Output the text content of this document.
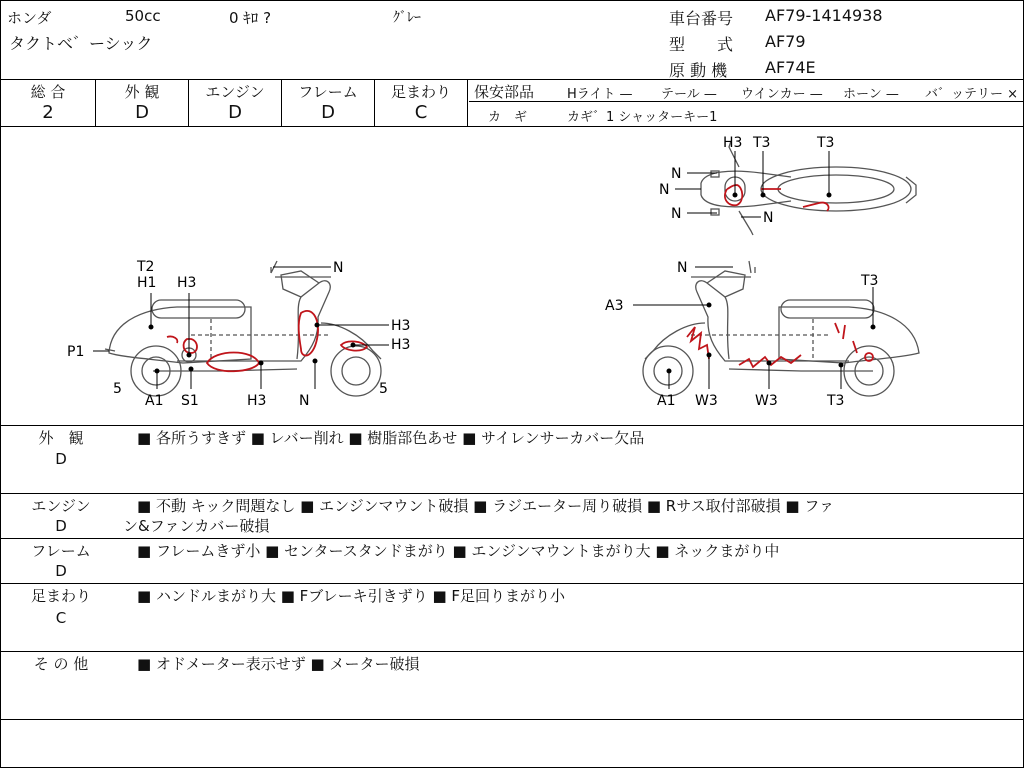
ホンダ	50cc	0 ｷﾛ ?	ｸﾞﾚｰ
タクトベ゛ーシック
車台番号 AF79-1414938
型　　式 AF79
原 動 機 AF74E
総 合
2
外 観
D
エンジン
D
フレーム
D
足まわり
C
保安部品	Hライト — テール — ウインカー — ホーン — バ゛ッテリー ×
カ　ギ	カギ゛1 シャッターキー1
T2
H1 H3
N
H3
H3
P1
5
A1 S1	H3 N
5
H3 T3	T3
N
N
N	N
N
T3
A3
A1 W3	W3	T3
外　観
D
■ 各所うすきず ■ レバー削れ ■ 樹脂部色あせ ■ サイレンサーカバー欠品
エンジン
D
■ 不動 キック問題なし ■ エンジンマウント破損 ■ ラジエーター周り破損 ■ Rサス取付部破損 ■ ファ
ン&ファンカバー破損
フレーム
D
■ フレームきず小 ■ センタースタンドまがり ■ エンジンマウントまがり大 ■ ネックまがり中
足まわり
C
■ ハンドルまがり大 ■ Fブレーキ引きずり ■ F足回りまがり小
そ の 他	■ オドメーター表示せず ■ メーター破損
